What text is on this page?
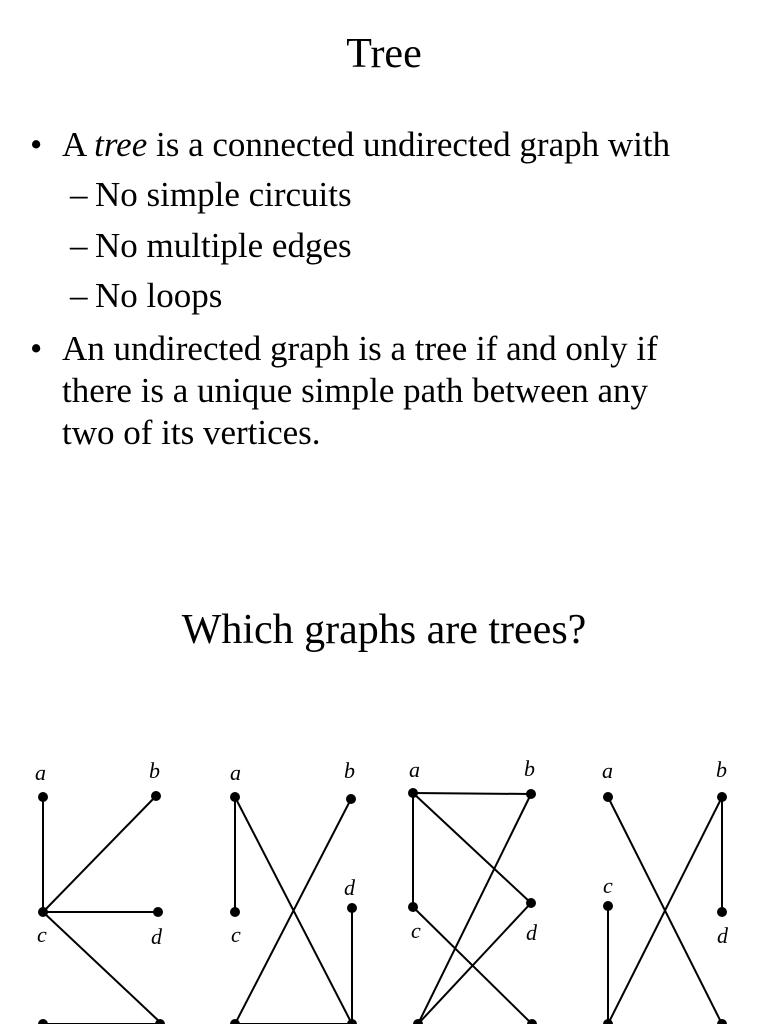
Tree
• A tree is a connected undirected graph with
– No simple circuits
– No multiple edges
– No loops
• An undirected graph is a tree if and only if
there is a unique simple path between any
two of its vertices.
Which graphs are trees?
a	b
c	d
a	b
c
d
a	b
c	d
a	b
c
d
